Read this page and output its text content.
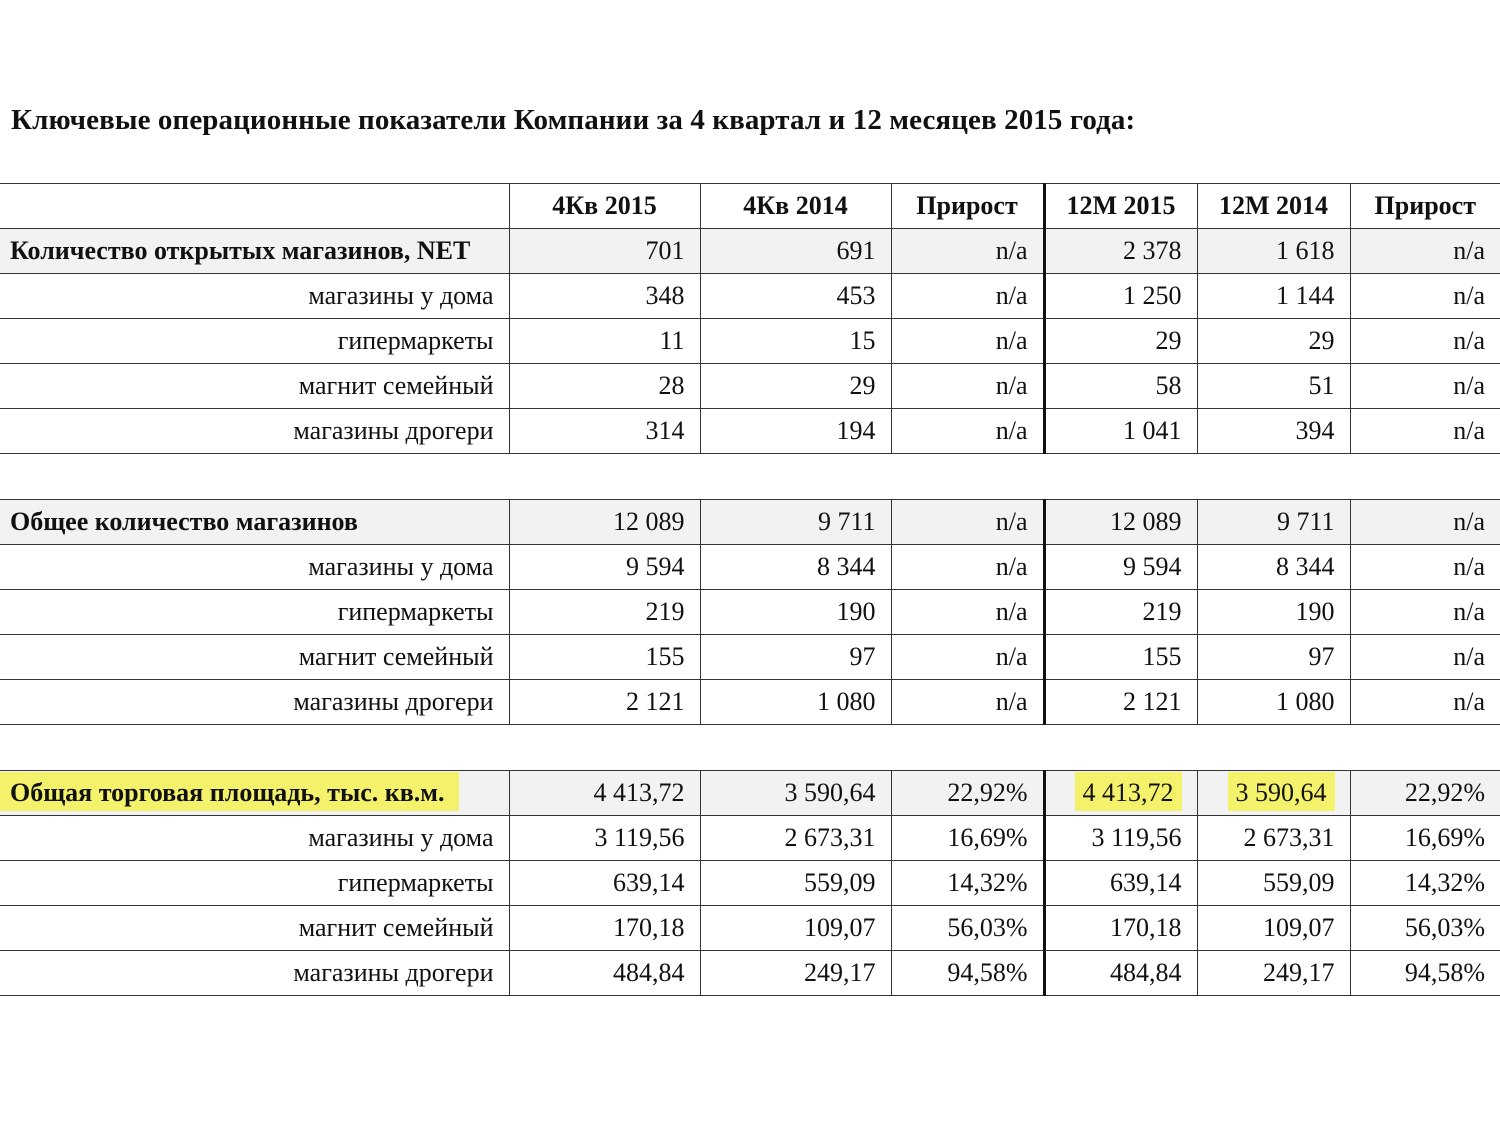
Ключевые операционные показатели Компании за 4 квартал и 12 месяцев 2015 года:
	4Кв 2015	4Кв 2014	Прирост	12М 2015	12М 2014	Прирост
Количество открытых магазинов, NET	701	691	n/a	2 378	1 618	n/a
магазины у дома	348	453	n/a	1 250	1 144	n/a
гипермаркеты	11	15	n/a	29	29	n/a
магнит семейный	28	29	n/a	58	51	n/a
магазины дрогери	314	194	n/a	1 041	394	n/a

Общее количество магазинов	12 089	9 711	n/a	12 089	9 711	n/a
магазины у дома	9 594	8 344	n/a	9 594	8 344	n/a
гипермаркеты	219	190	n/a	219	190	n/a
магнит семейный	155	97	n/a	155	97	n/a
магазины дрогери	2 121	1 080	n/a	2 121	1 080	n/a

Общая торговая площадь, тыс. кв.м.	4 413,72	3 590,64	22,92%	4 413,72	3 590,64	22,92%
магазины у дома	3 119,56	2 673,31	16,69%	3 119,56	2 673,31	16,69%
гипермаркеты	639,14	559,09	14,32%	639,14	559,09	14,32%
магнит семейный	170,18	109,07	56,03%	170,18	109,07	56,03%
магазины дрогери	484,84	249,17	94,58%	484,84	249,17	94,58%
